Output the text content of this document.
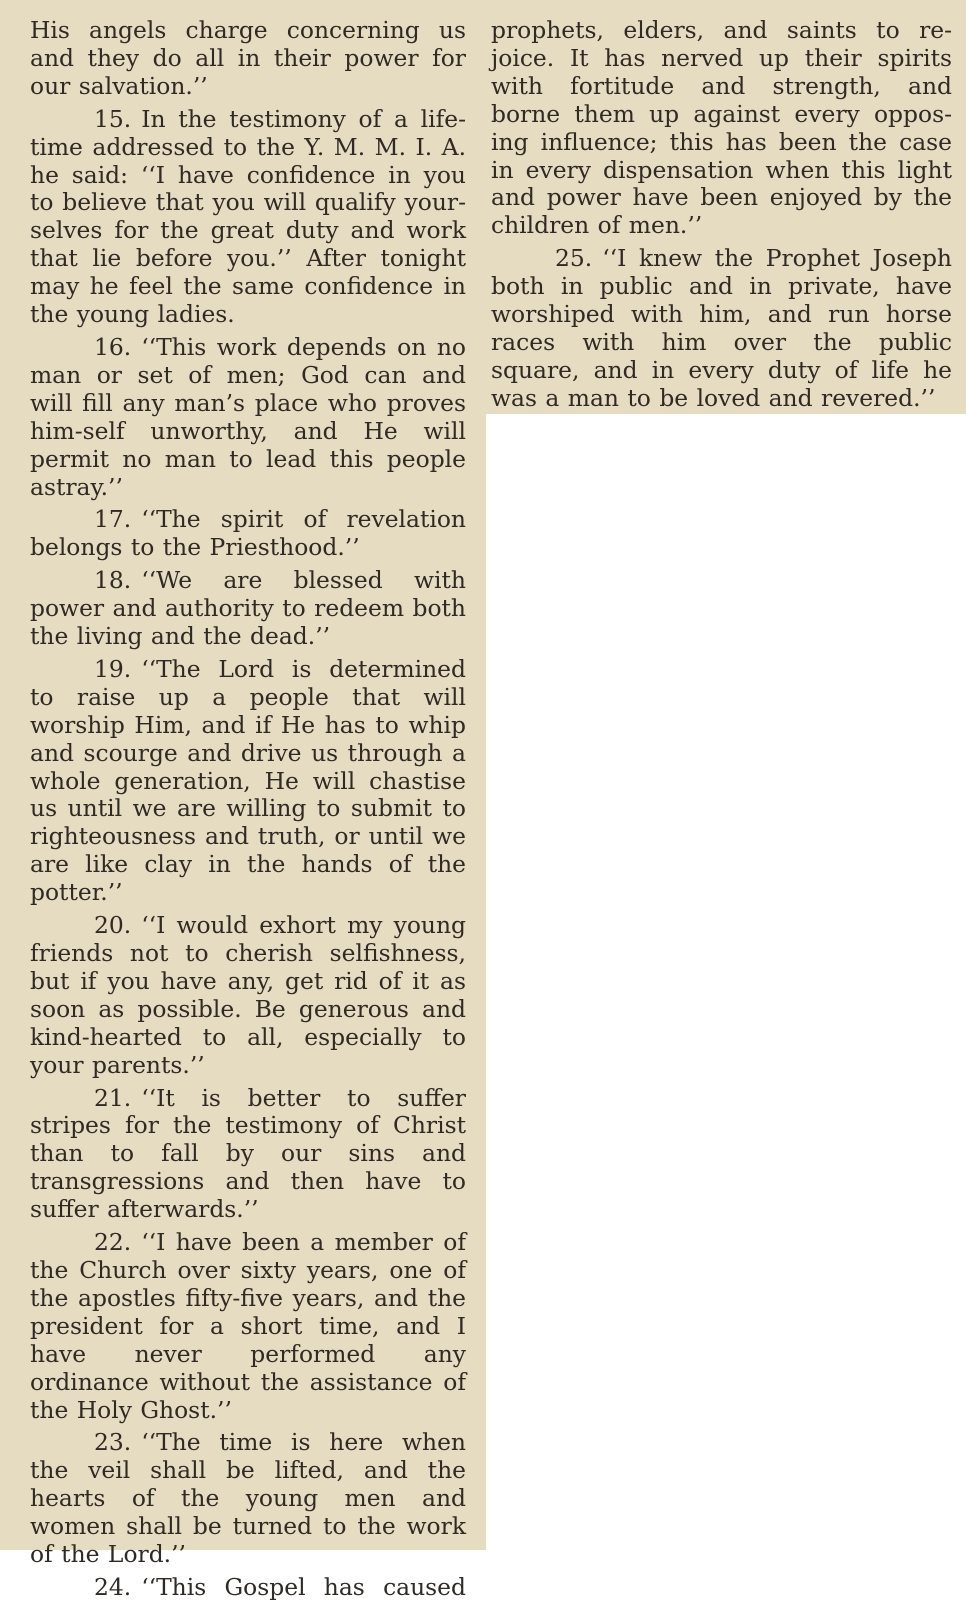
His angels charge concerning us and they do all in their power for our salvation.’’

15. In the testimony of a life-time addressed to the Y. M. M. I. A. he said: ‘‘I have confidence in you to believe that you will qualify your-selves for the great duty and work that lie before you.’’ After tonight may he feel the same confidence in the young ladies.

16. ‘‘This work depends on no man or set of men; God can and will fill any man’s place who proves him-self unworthy, and He will permit no man to lead this people astray.’’

17. ‘‘The spirit of revelation belongs to the Priesthood.’’

18. ‘‘We are blessed with power and authority to redeem both the living and the dead.’’

19. ‘‘The Lord is determined to raise up a people that will worship Him, and if He has to whip and scourge and drive us through a whole generation, He will chastise us until we are willing to submit to righteousness and truth, or until we are like clay in the hands of the potter.’’

20. ‘‘I would exhort my young friends not to cherish selfishness, but if you have any, get rid of it as soon as possible. Be generous and kind-hearted to all, especially to your parents.’’

21. ‘‘It is better to suffer stripes for the testimony of Christ than to fall by our sins and transgressions and then have to suffer afterwards.’’

22. ‘‘I have been a member of the Church over sixty years, one of the apostles fifty-five years, and the president for a short time, and I have never performed any ordinance without the assistance of the Holy Ghost.’’

23. ‘‘The time is here when the veil shall be lifted, and the hearts of the young men and women shall be turned to the work of the Lord.’’

24. ‘‘This Gospel has caused

prophets, elders, and saints to re-joice. It has nerved up their spirits with fortitude and strength, and borne them up against every oppos-ing influence; this has been the case in every dispensation when this light and power have been enjoyed by the children of men.’’

25. ‘‘I knew the Prophet Joseph both in public and in private, have worshiped with him, and run horse races with him over the public square, and in every duty of life he was a man to be loved and revered.’’
